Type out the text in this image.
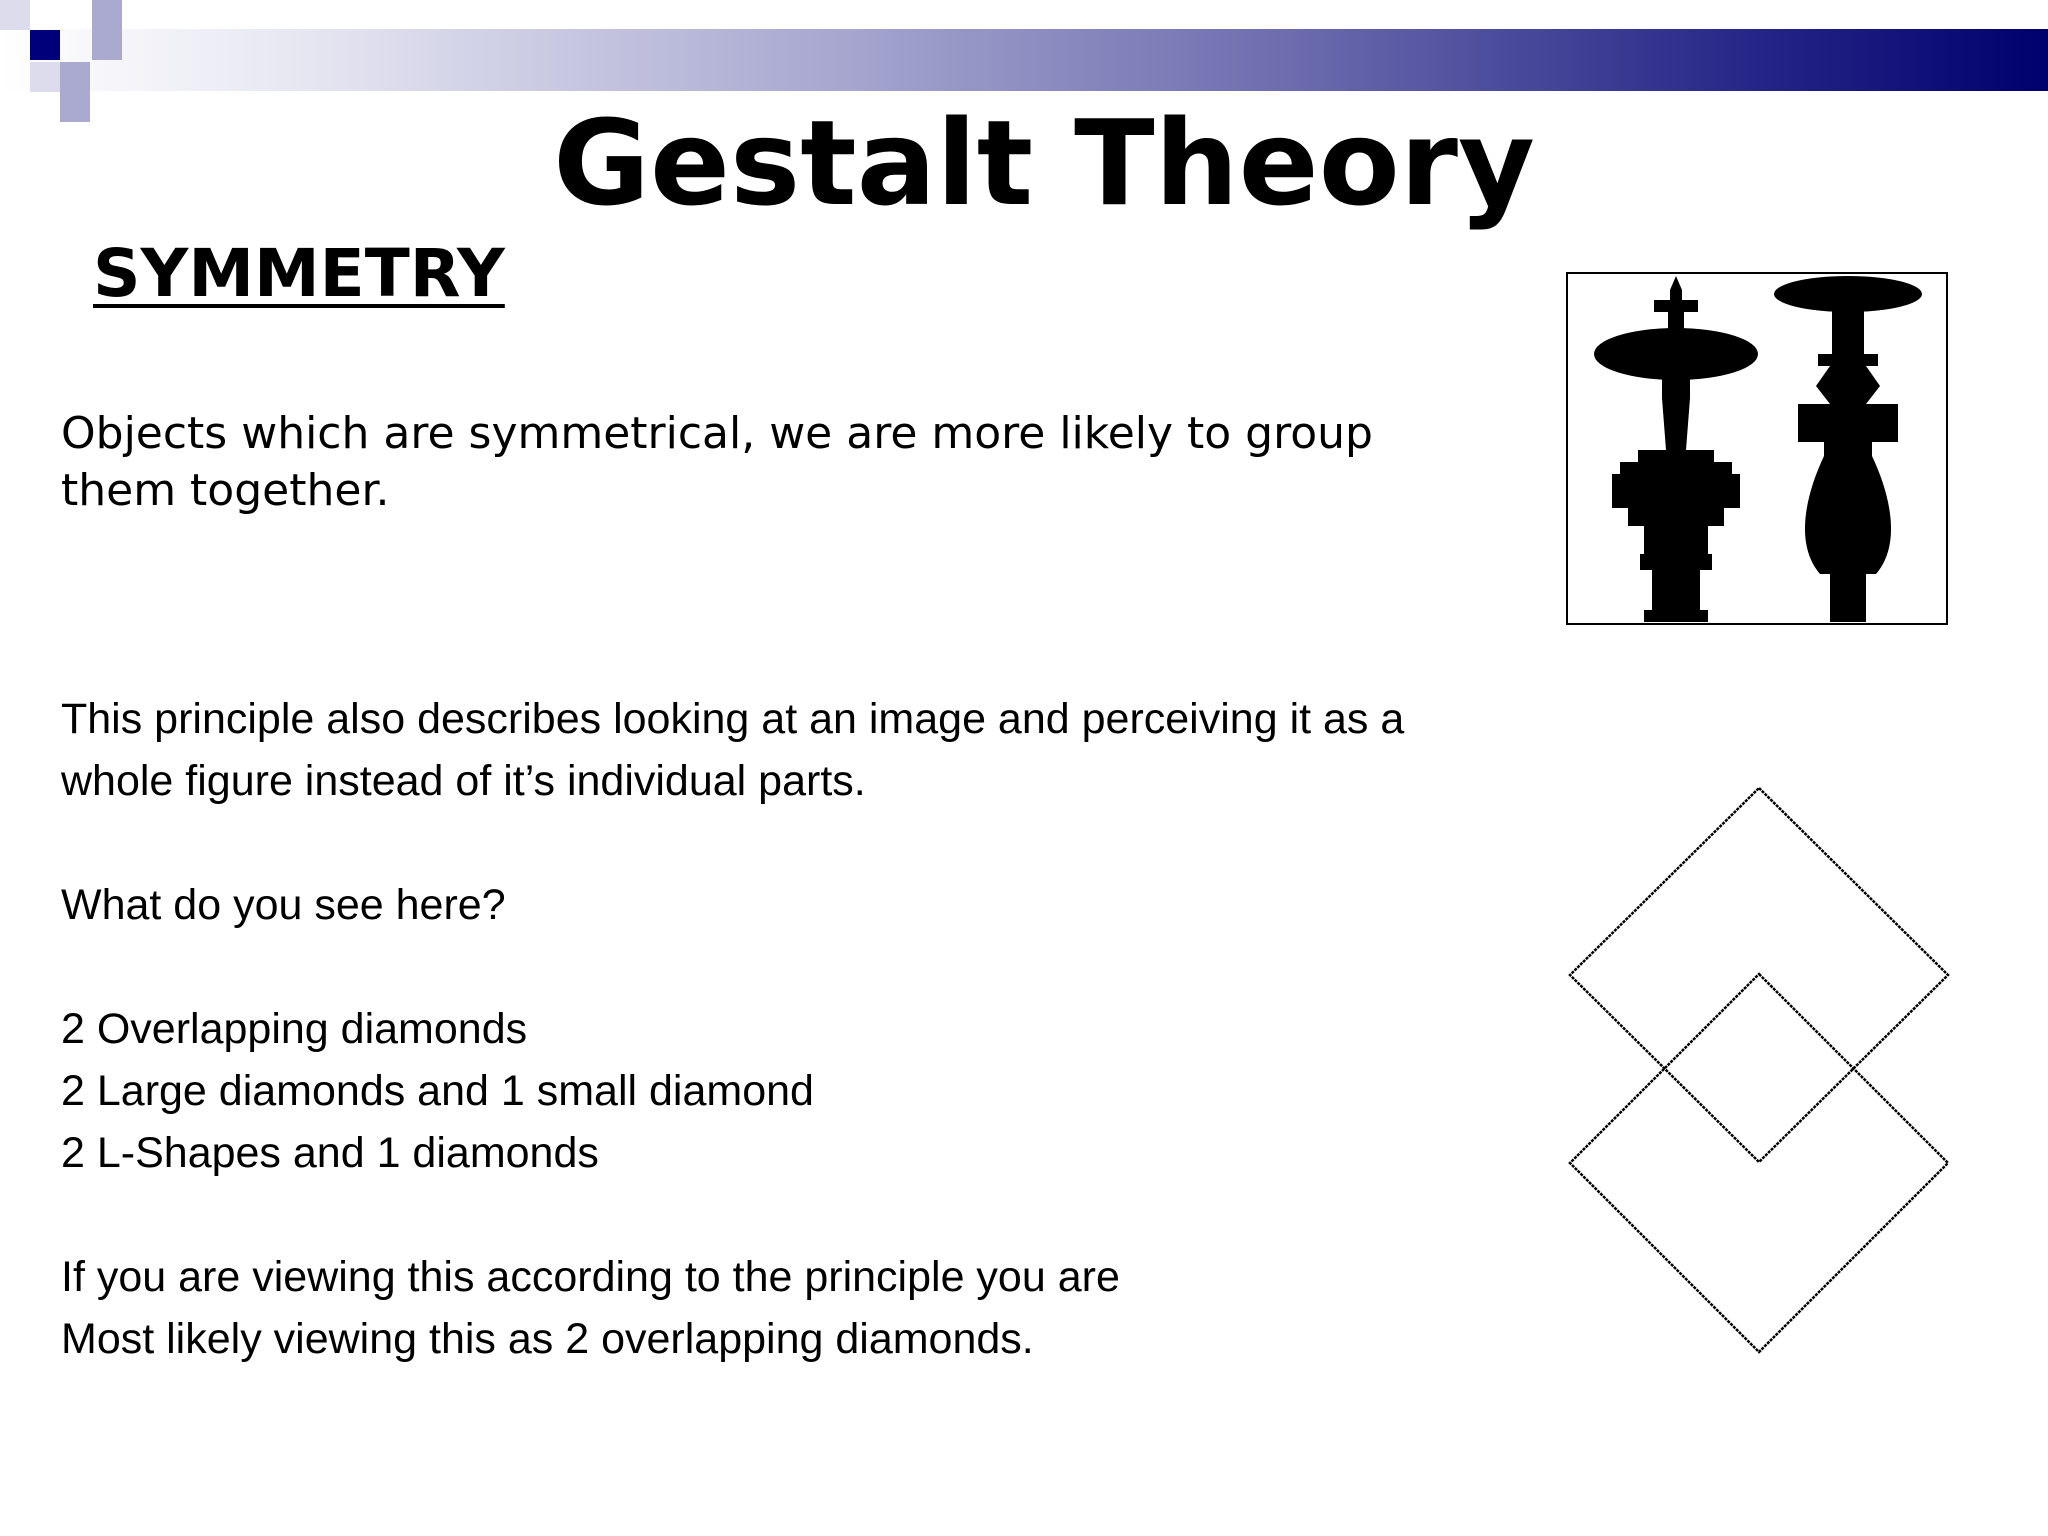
Gestalt Theory
SYMMETRY
Objects which are symmetrical, we are more likely to group them together.
This principle also describes looking at an image and perceiving it as a
whole figure instead of it’s individual parts.
What do you see here?
2 Overlapping diamonds
2 Large diamonds and 1 small diamond
2 L-Shapes and 1 diamonds
If you are viewing this according to the principle you are
Most likely viewing this as 2 overlapping diamonds.
